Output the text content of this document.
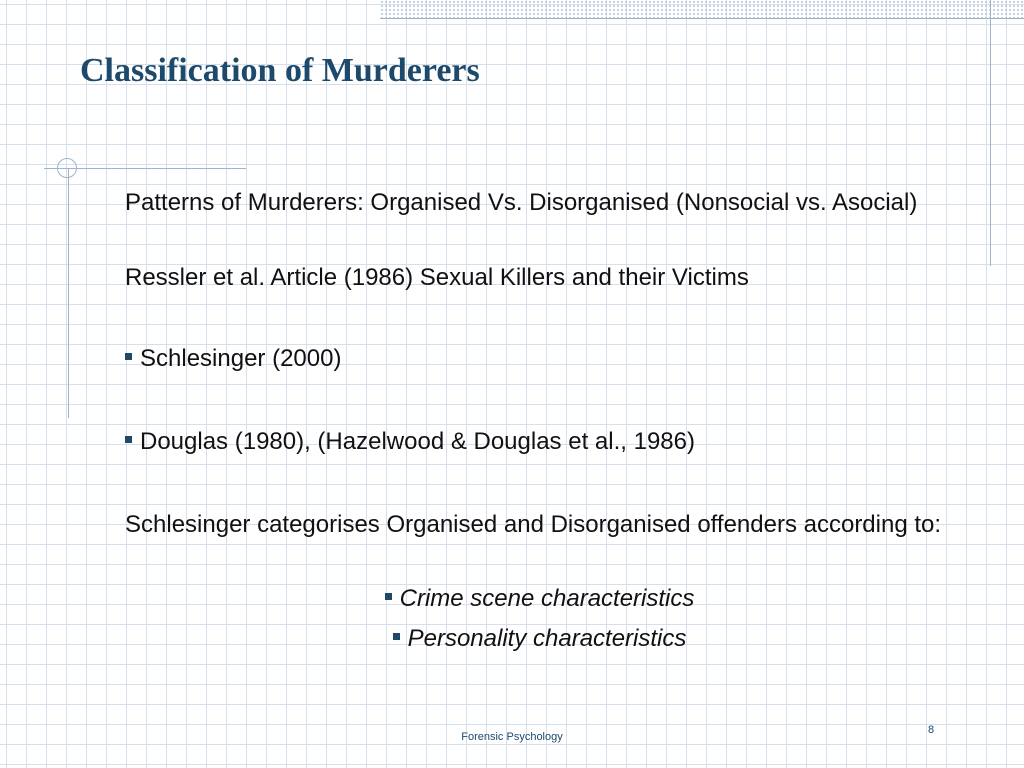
Classification of Murderers

Patterns of Murderers: Organised Vs. Disorganised (Nonsocial vs. Asocial)

Ressler et al. Article (1986) Sexual Killers and their Victims

Schlesinger (2000)

Douglas (1980), (Hazelwood & Douglas et al., 1986)

Schlesinger categorises Organised and Disorganised offenders according to:

Crime scene characteristics
Personality characteristics
Forensic Psychology
8
